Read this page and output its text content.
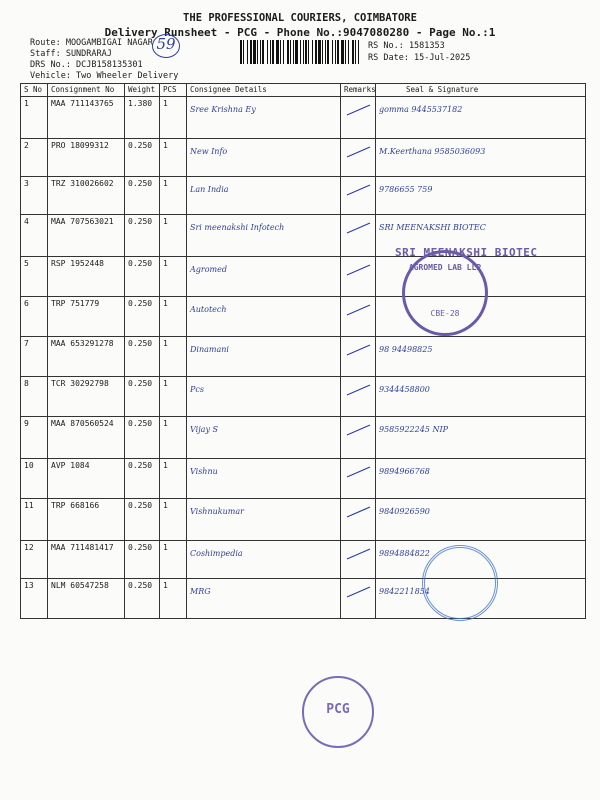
THE PROFESSIONAL COURIERS, COIMBATORE
Delivery Runsheet - PCG - Phone No.:9047080280 - Page No.:1
Route: MOOGAMBIGAI NAGAR
Staff: SUNDRARAJ
DRS No.: DCJB158135301
Vehicle: Two Wheeler Delivery
59	RS No.: 1581353
RS Date: 15-Jul-2025
S No	Consignment No	Weight	PCS	Consignee Details	Remarks	Seal & Signature
1	MAA 711143765	1.380	1	Sree Krishna Ey		gomma 9445537182
2	PRO 18099312	0.250	1	New Info		M.Keerthana 9585036093
3	TRZ 310026602	0.250	1	Lan India		9786655 759
4	MAA 707563021	0.250	1	Sri meenakshi Infotech		SRI MEENAKSHI BIOTEC
5	RSP 1952448	0.250	1	Agromed		
6	TRP 751779	0.250	1	Autotech		
7	MAA 653291278	0.250	1	Dinamani		98 94498825
8	TCR 30292798	0.250	1	Pcs		9344458800
9	MAA 870560524	0.250	1	Vijay S		9585922245 NIP
10	AVP 1084	0.250	1	Vishnu		9894966768
11	TRP 668166	0.250	1	Vishnukumar		9840926590
12	MAA 711481417	0.250	1	Coshimpedia		9894884822
13	NLM 60547258	0.250	1	MRG		9842211854
AGROMED LAB LLP
CBE-28
SRI MEENAKSHI BIOTEC
PCG
